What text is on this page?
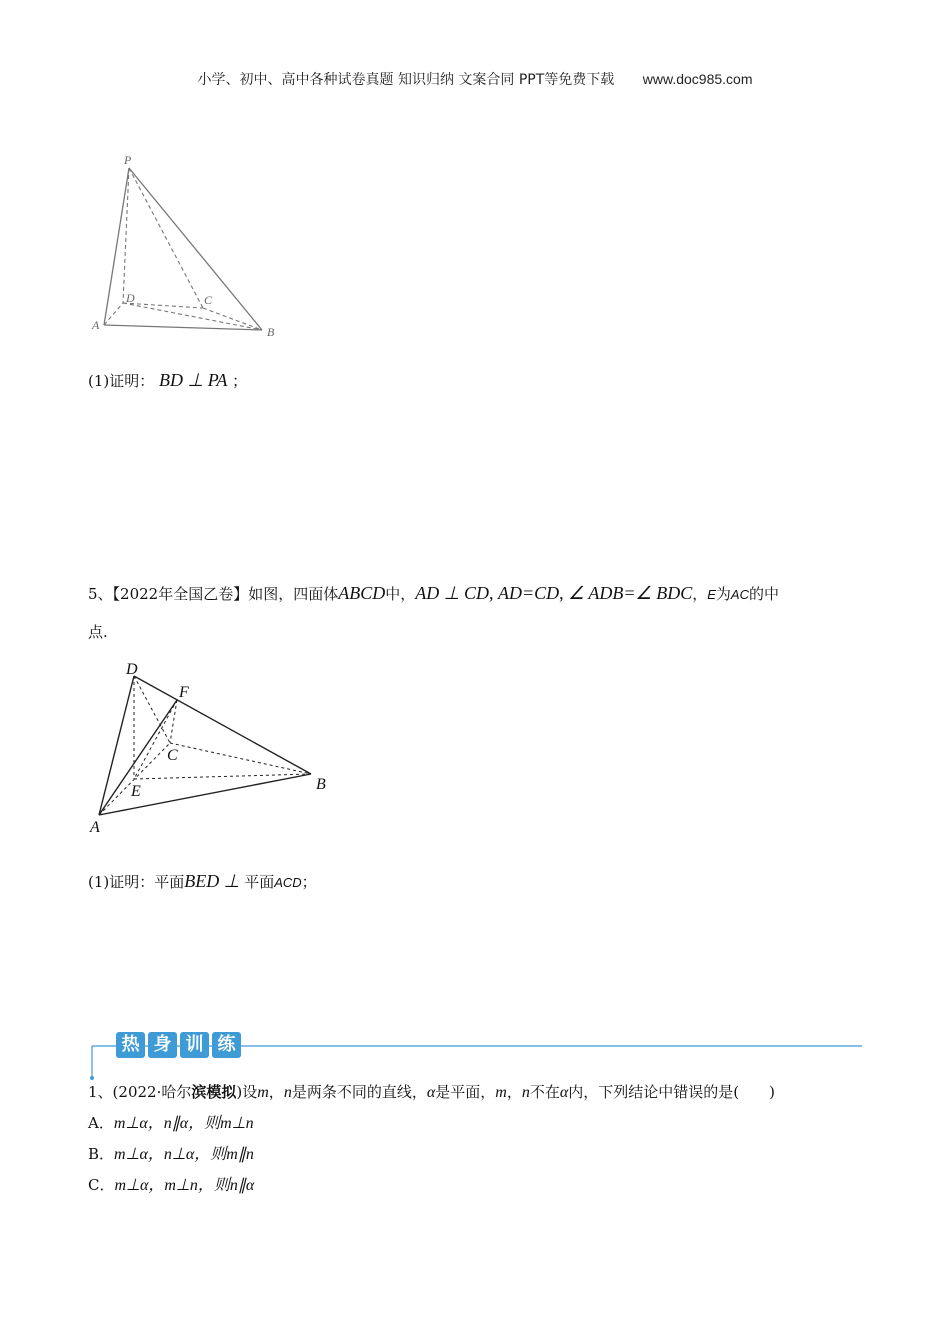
小学、初中、高中各种试卷真题 知识归纳 文案合同 PPT等免费下载 www.doc985.com
P
D	C
A	B
(1)证明： BD ⊥ PA ；
5、【2022年全国乙卷】如图，四面体ABCD中，AD ⊥ CD, AD=CD, ∠ ADB=∠ BDC，E为AC的中
点.
D
F
C
E	B
A
(1)证明：平面BED ⊥ 平面ACD；
热 身 训 练
1、(2022·哈尔滨模拟)设m，n是两条不同的直线，α是平面，m，n不在α内，下列结论中错误的是(　　)
A．m⊥α，n∥α，则m⊥n
B．m⊥α，n⊥α，则m∥n
C．m⊥α，m⊥n，则n∥α
